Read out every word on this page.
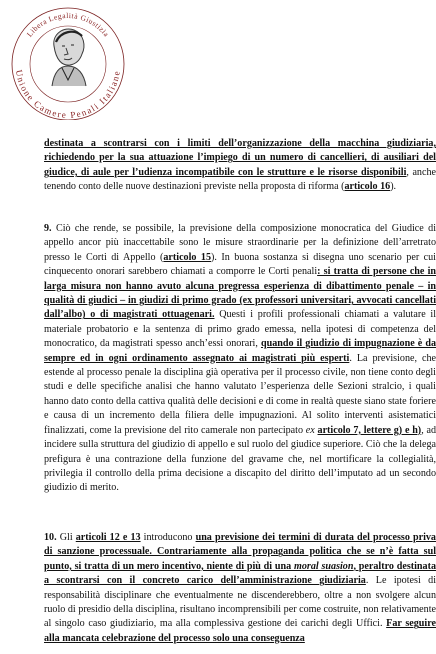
Libera Legalità Giustizia
Unione Camere Penali Italiane

destinata a scontrarsi con i limiti dell’organizzazione della macchina giudiziaria, richiedendo per la sua attuazione l’impiego di un numero di cancellieri, di ausiliari del giudice, di aule per l’udienza incompatibile con le strutture e le risorse disponibili, anche tenendo conto delle nuove destinazioni previste nella proposta di riforma (articolo 16).

9. Ciò che rende, se possibile, la previsione della composizione monocratica del Giudice di appello ancor più inaccettabile sono le misure straordinarie per la definizione dell’arretrato presso le Corti di Appello (articolo 15). In buona sostanza si disegna uno scenario per cui cinquecento onorari sarebbero chiamati a comporre le Corti penali: si tratta di persone che in larga misura non hanno avuto alcuna pregressa esperienza di dibattimento penale – in qualità di giudici – in giudizi di primo grado (ex professori universitari, avvocati cancellati dall’albo) o di magistrati ottuagenari. Questi i profili professionali chiamati a valutare il materiale probatorio e la sentenza di primo grado emessa, nella ipotesi di competenza del monocratico, da magistrati spesso anch’essi onorari, quando il giudizio di impugnazione è da sempre ed in ogni ordinamento assegnato ai magistrati più esperti. La previsione, che estende al processo penale la disciplina già operativa per il processo civile, non tiene conto degli studi e delle specifiche analisi che hanno valutato l’esperienza delle Sezioni stralcio, i quali hanno dato conto della cattiva qualità delle decisioni e di come in realtà queste siano state foriere e causa di un incremento della filiera delle impugnazioni. Al solito interventi asistematici finalizzati, come la previsione del rito camerale non partecipato ex articolo 7, lettere g) e h), ad incidere sulla struttura del giudizio di appello e sul ruolo del giudice superiore. Ciò che la delega prefigura è una contrazione della funzione del gravame che, nel mortificare la collegialità, privilegia il controllo della prima decisione a discapito del diritto dell’imputato ad un secondo giudizio di merito.

10. Gli articoli 12 e 13 introducono una previsione dei termini di durata del processo priva di sanzione processuale. Contrariamente alla propaganda politica che se n’è fatta sul punto, si tratta di un mero incentivo, niente di più di una moral suasion, peraltro destinata a scontrarsi con il concreto carico dell’amministrazione giudiziaria. Le ipotesi di responsabilità disciplinare che eventualmente ne discenderebbero, oltre a non svolgere alcun ruolo di presidio della disciplina, risultano incomprensibili per come costruite, non relativamente al singolo caso giudiziario, ma alla complessiva gestione dei carichi degli Uffici. Far seguire alla mancata celebrazione del processo solo una conseguenza
